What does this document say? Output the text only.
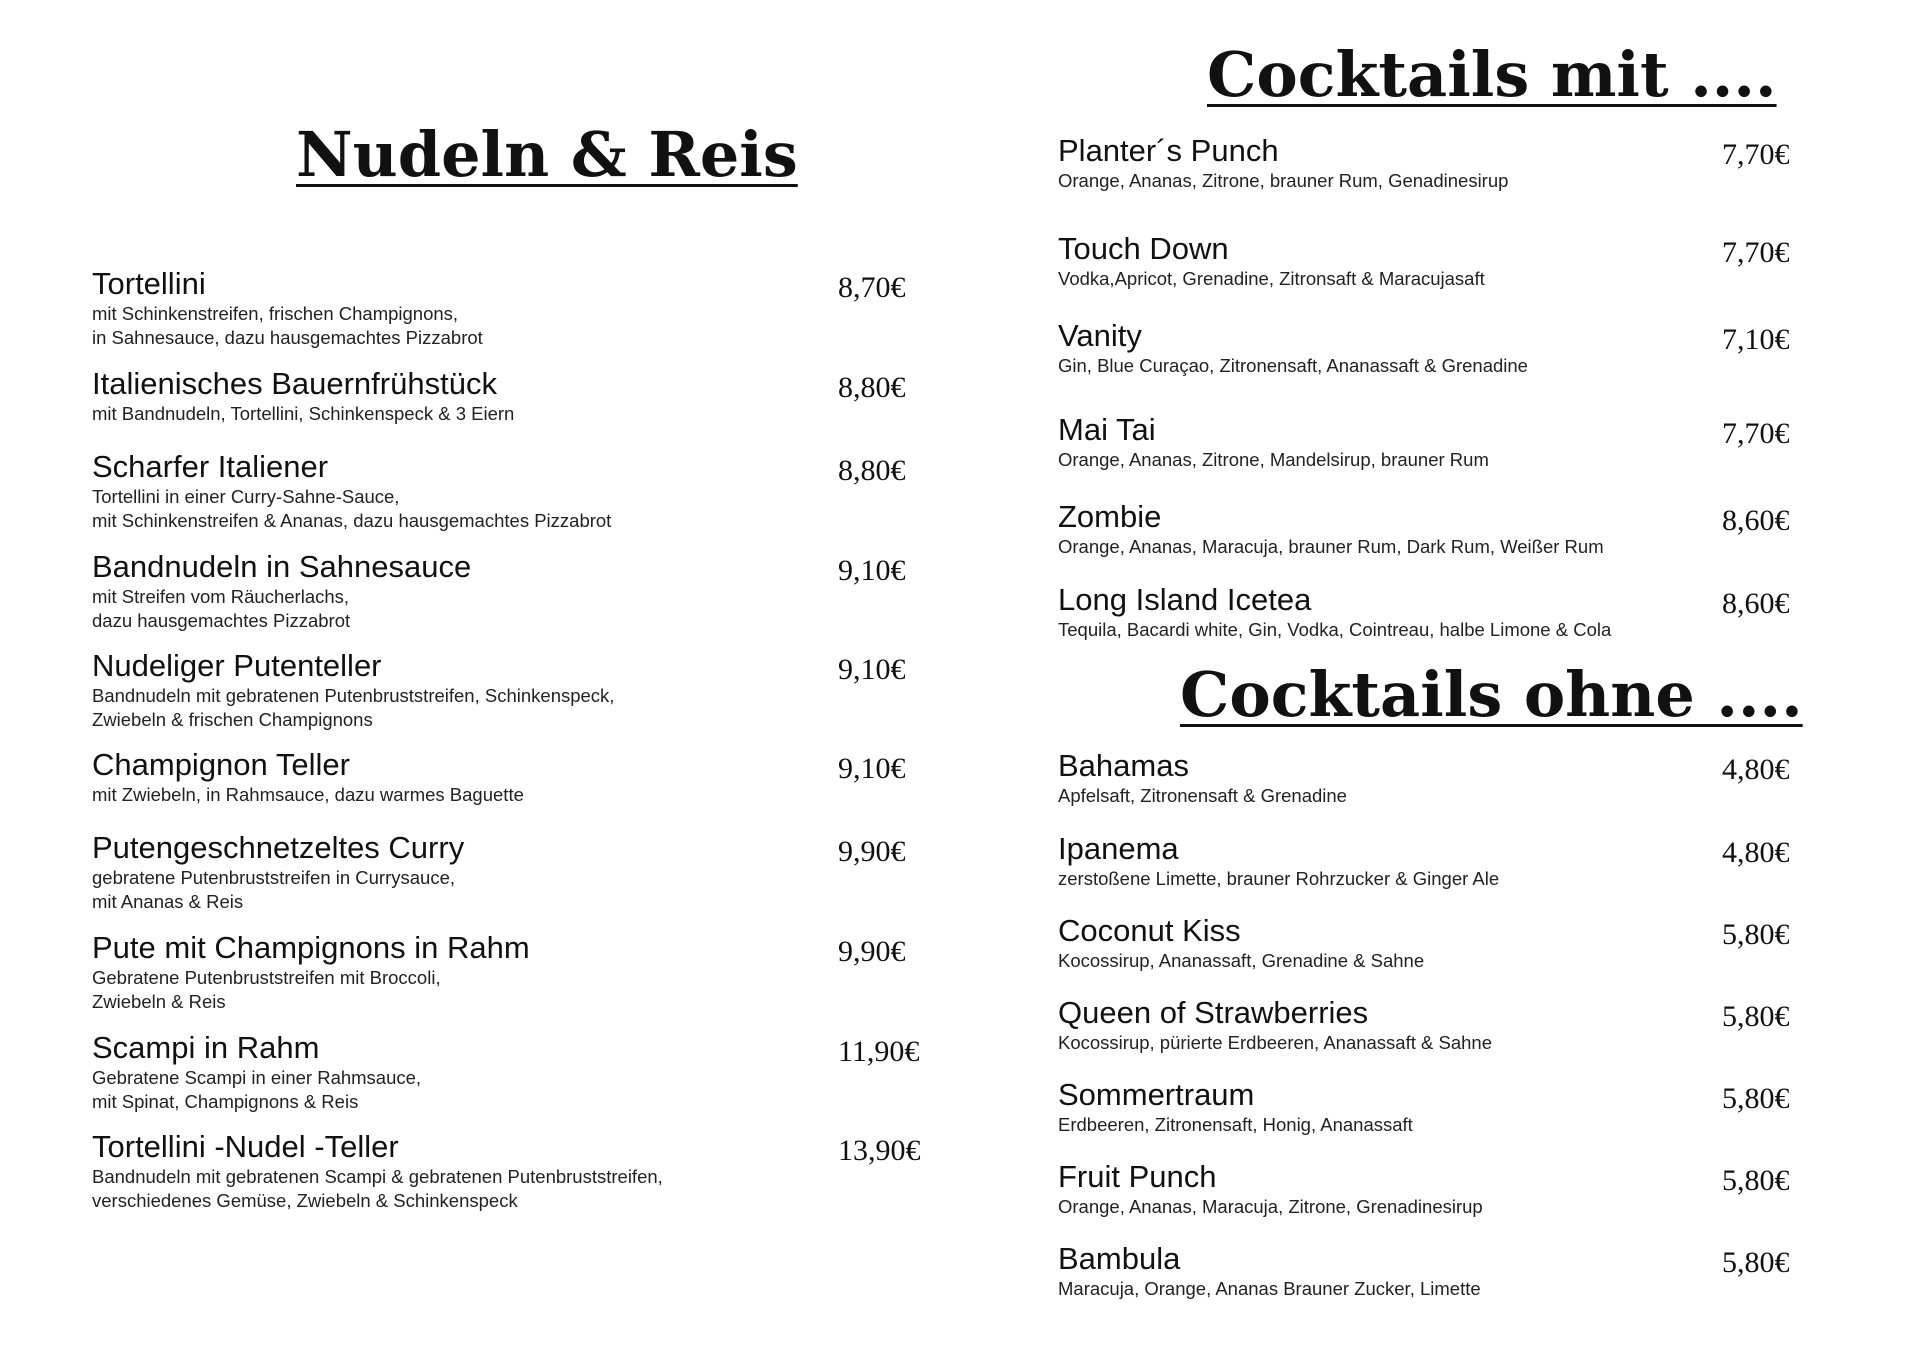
Nudeln & Reis
Cocktails mit ....
Cocktails ohne ....
Tortellini
mit Schinkenstreifen, frischen Champignons,
in Sahnesauce, dazu hausgemachtes Pizzabrot
8,70€
Italienisches Bauernfrühstück
mit Bandnudeln, Tortellini, Schinkenspeck & 3 Eiern
8,80€
Scharfer Italiener
Tortellini in einer Curry-Sahne-Sauce,
mit Schinkenstreifen & Ananas, dazu hausgemachtes Pizzabrot
8,80€
Bandnudeln in Sahnesauce
mit Streifen vom Räucherlachs,
dazu hausgemachtes Pizzabrot
9,10€
Nudeliger Putenteller
Bandnudeln mit gebratenen Putenbruststreifen, Schinkenspeck,
Zwiebeln & frischen Champignons
9,10€
Champignon Teller
mit Zwiebeln, in Rahmsauce, dazu warmes Baguette
9,10€
Putengeschnetzeltes Curry
gebratene Putenbruststreifen in Currysauce,
mit Ananas & Reis
9,90€
Pute mit Champignons in Rahm
Gebratene Putenbruststreifen mit Broccoli,
Zwiebeln & Reis
9,90€
Scampi in Rahm
Gebratene Scampi in einer Rahmsauce,
mit Spinat, Champignons & Reis
11,90€
Tortellini -Nudel -Teller
Bandnudeln mit gebratenen Scampi & gebratenen Putenbruststreifen,
verschiedenes Gemüse, Zwiebeln & Schinkenspeck
13,90€
Planter´s Punch
Orange, Ananas, Zitrone, brauner Rum, Genadinesirup
7,70€
Touch Down
Vodka,Apricot, Grenadine, Zitronsaft & Maracujasaft
7,70€
Vanity
Gin, Blue Curaçao, Zitronensaft, Ananassaft & Grenadine
7,10€
Mai Tai
Orange, Ananas, Zitrone, Mandelsirup, brauner Rum
7,70€
Zombie
Orange, Ananas, Maracuja, brauner Rum, Dark Rum, Weißer Rum
8,60€
Long Island Icetea
Tequila, Bacardi white, Gin, Vodka, Cointreau, halbe Limone & Cola
8,60€
Bahamas
Apfelsaft, Zitronensaft & Grenadine
4,80€
Ipanema
zerstoßene Limette, brauner Rohrzucker & Ginger Ale
4,80€
Coconut Kiss
Kocossirup, Ananassaft, Grenadine & Sahne
5,80€
Queen of Strawberries
Kocossirup, pürierte Erdbeeren, Ananassaft & Sahne
5,80€
Sommertraum
Erdbeeren, Zitronensaft, Honig, Ananassaft
5,80€
Fruit Punch
Orange, Ananas, Maracuja, Zitrone, Grenadinesirup
5,80€
Bambula
Maracuja, Orange, Ananas Brauner Zucker, Limette
5,80€
